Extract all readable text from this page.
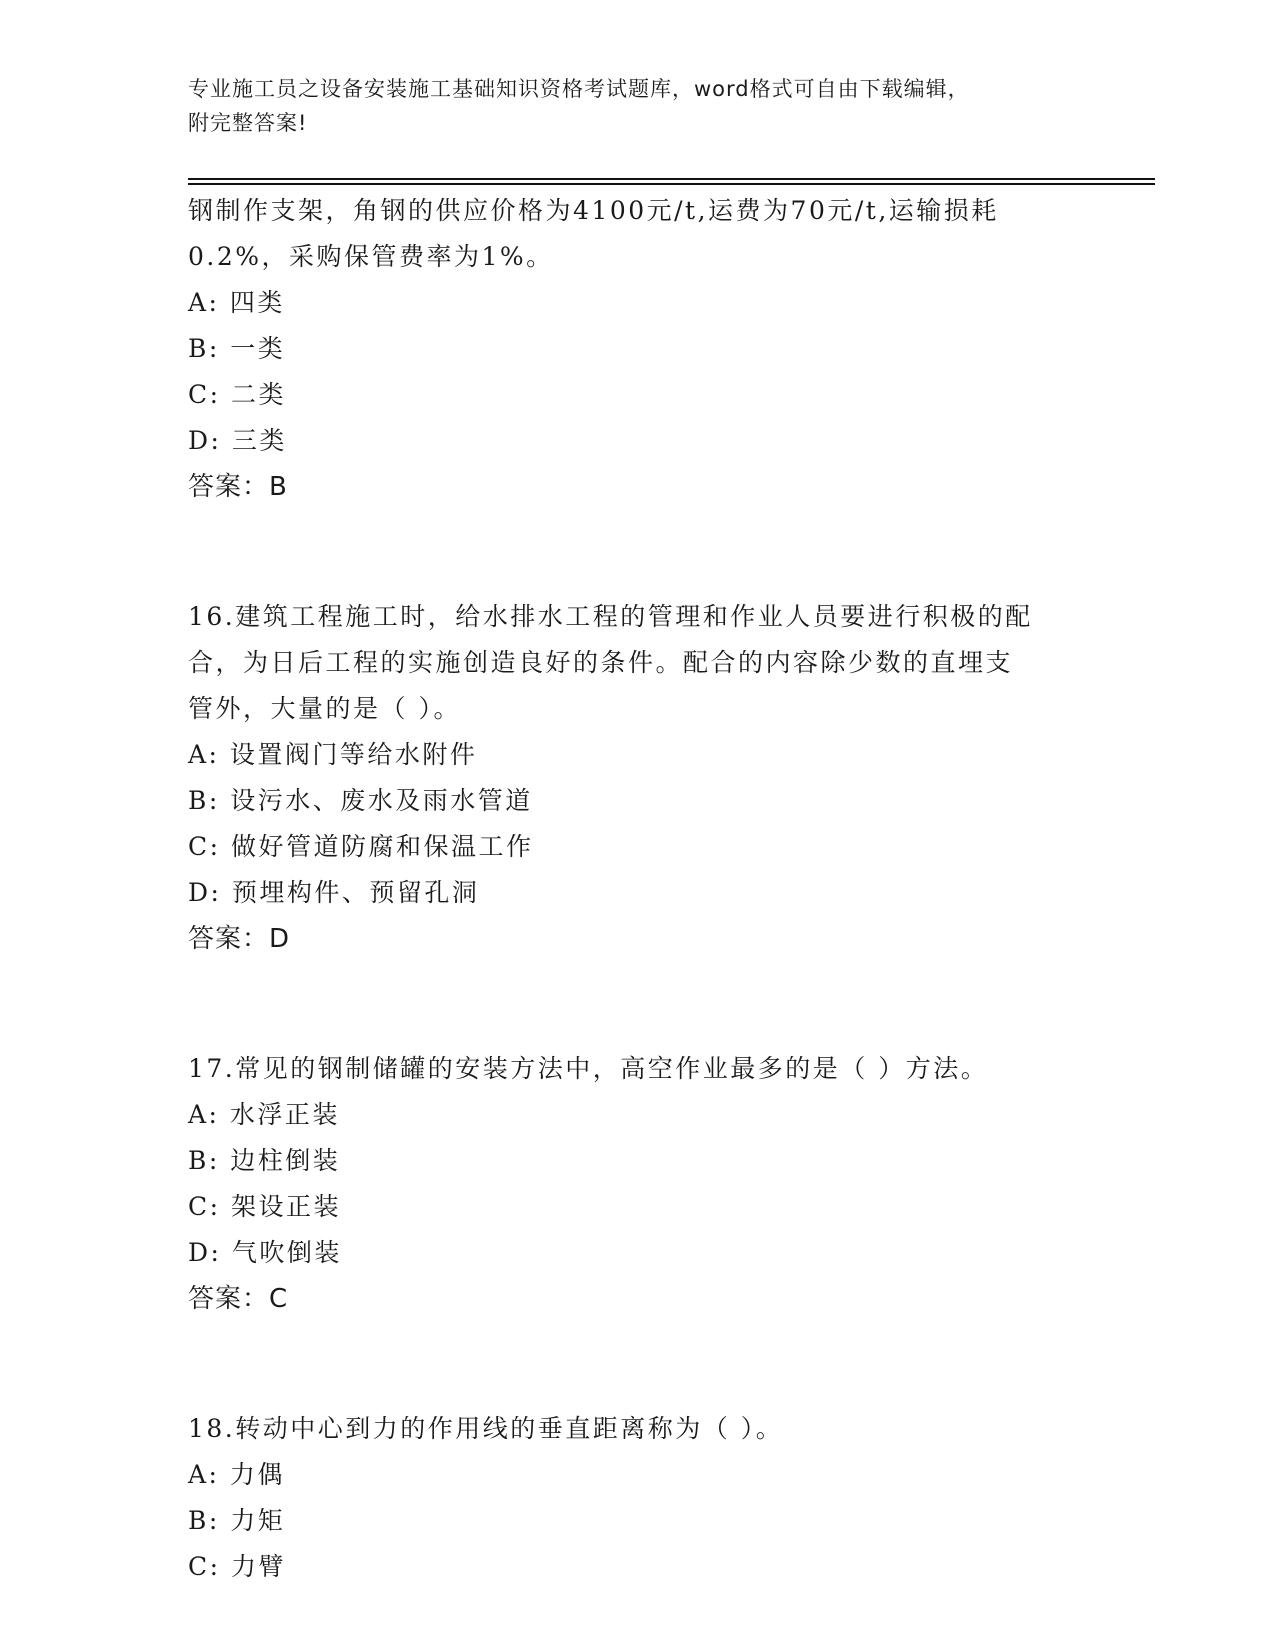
专业施工员之设备安装施工基础知识资格考试题库，word格式可自由下载编辑，
附完整答案!
钢制作支架，角钢的供应价格为4100元/t,运费为70元/t,运输损耗
0.2%，采购保管费率为1%。
A: 四类
B: 一类
C: 二类
D: 三类
答案：B
16.建筑工程施工时，给水排水工程的管理和作业人员要进行积极的配
合，为日后工程的实施创造良好的条件。配合的内容除少数的直埋支
管外，大量的是（ ）。
A: 设置阀门等给水附件
B: 设污水、废水及雨水管道
C: 做好管道防腐和保温工作
D: 预埋构件、预留孔洞
答案：D
17.常见的钢制储罐的安装方法中，高空作业最多的是（ ）方法。
A: 水浮正装
B: 边柱倒装
C: 架设正装
D: 气吹倒装
答案：C
18.转动中心到力的作用线的垂直距离称为（ ）。
A: 力偶
B: 力矩
C: 力臂
